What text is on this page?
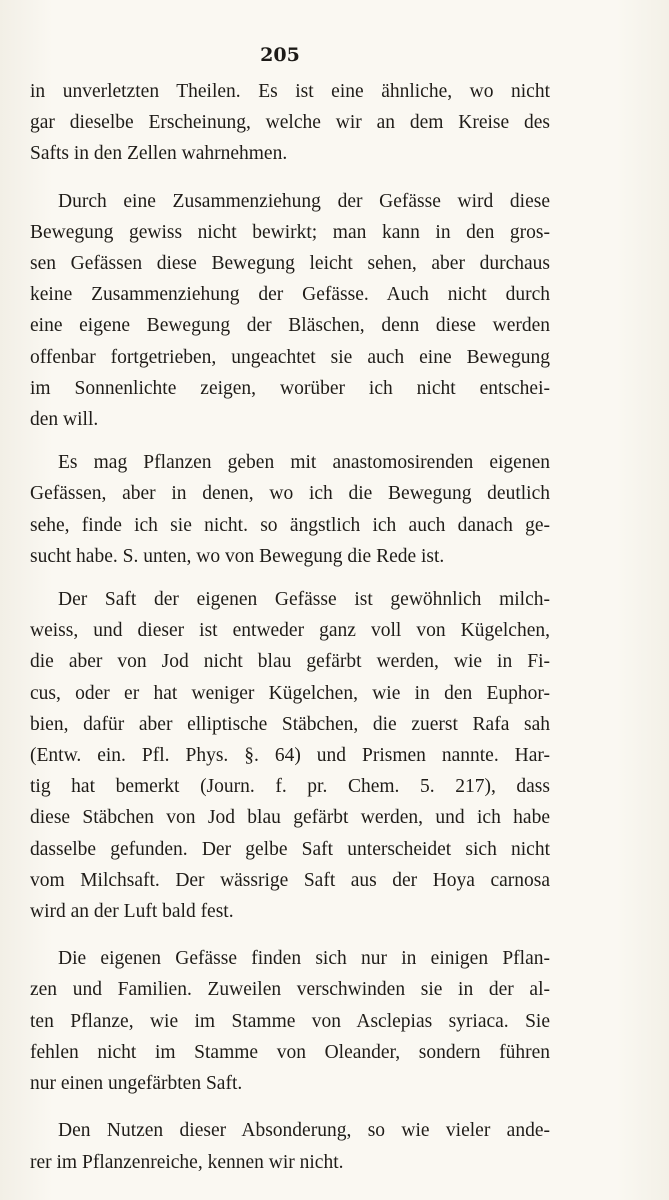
205
in unverletzten Theilen. Es ist eine ähnliche, wo nicht
gar dieselbe Erscheinung, welche wir an dem Kreise des
Safts in den Zellen wahrnehmen.
Durch eine Zusammenziehung der Gefässe wird diese
Bewegung gewiss nicht bewirkt; man kann in den gros-
sen Gefässen diese Bewegung leicht sehen, aber durchaus
keine Zusammenziehung der Gefässe. Auch nicht durch
eine eigene Bewegung der Bläschen, denn diese werden
offenbar fortgetrieben, ungeachtet sie auch eine Bewegung
im Sonnenlichte zeigen, worüber ich nicht entschei-
den will.
Es mag Pflanzen geben mit anastomosirenden eigenen
Gefässen, aber in denen, wo ich die Bewegung deutlich
sehe, finde ich sie nicht. so ängstlich ich auch danach ge-
sucht habe. S. unten, wo von Bewegung die Rede ist.
Der Saft der eigenen Gefässe ist gewöhnlich milch-
weiss, und dieser ist entweder ganz voll von Kügelchen,
die aber von Jod nicht blau gefärbt werden, wie in Fi-
cus, oder er hat weniger Kügelchen, wie in den Euphor-
bien, dafür aber elliptische Stäbchen, die zuerst Rafa sah
(Entw. ein. Pfl. Phys. §. 64) und Prismen nannte. Har-
tig hat bemerkt (Journ. f. pr. Chem. 5. 217), dass
diese Stäbchen von Jod blau gefärbt werden, und ich habe
dasselbe gefunden. Der gelbe Saft unterscheidet sich nicht
vom Milchsaft. Der wässrige Saft aus der Hoya carnosa
wird an der Luft bald fest.
Die eigenen Gefässe finden sich nur in einigen Pflan-
zen und Familien. Zuweilen verschwinden sie in der al-
ten Pflanze, wie im Stamme von Asclepias syriaca. Sie
fehlen nicht im Stamme von Oleander, sondern führen
nur einen ungefärbten Saft.
Den Nutzen dieser Absonderung, so wie vieler ande-
rer im Pflanzenreiche, kennen wir nicht.
